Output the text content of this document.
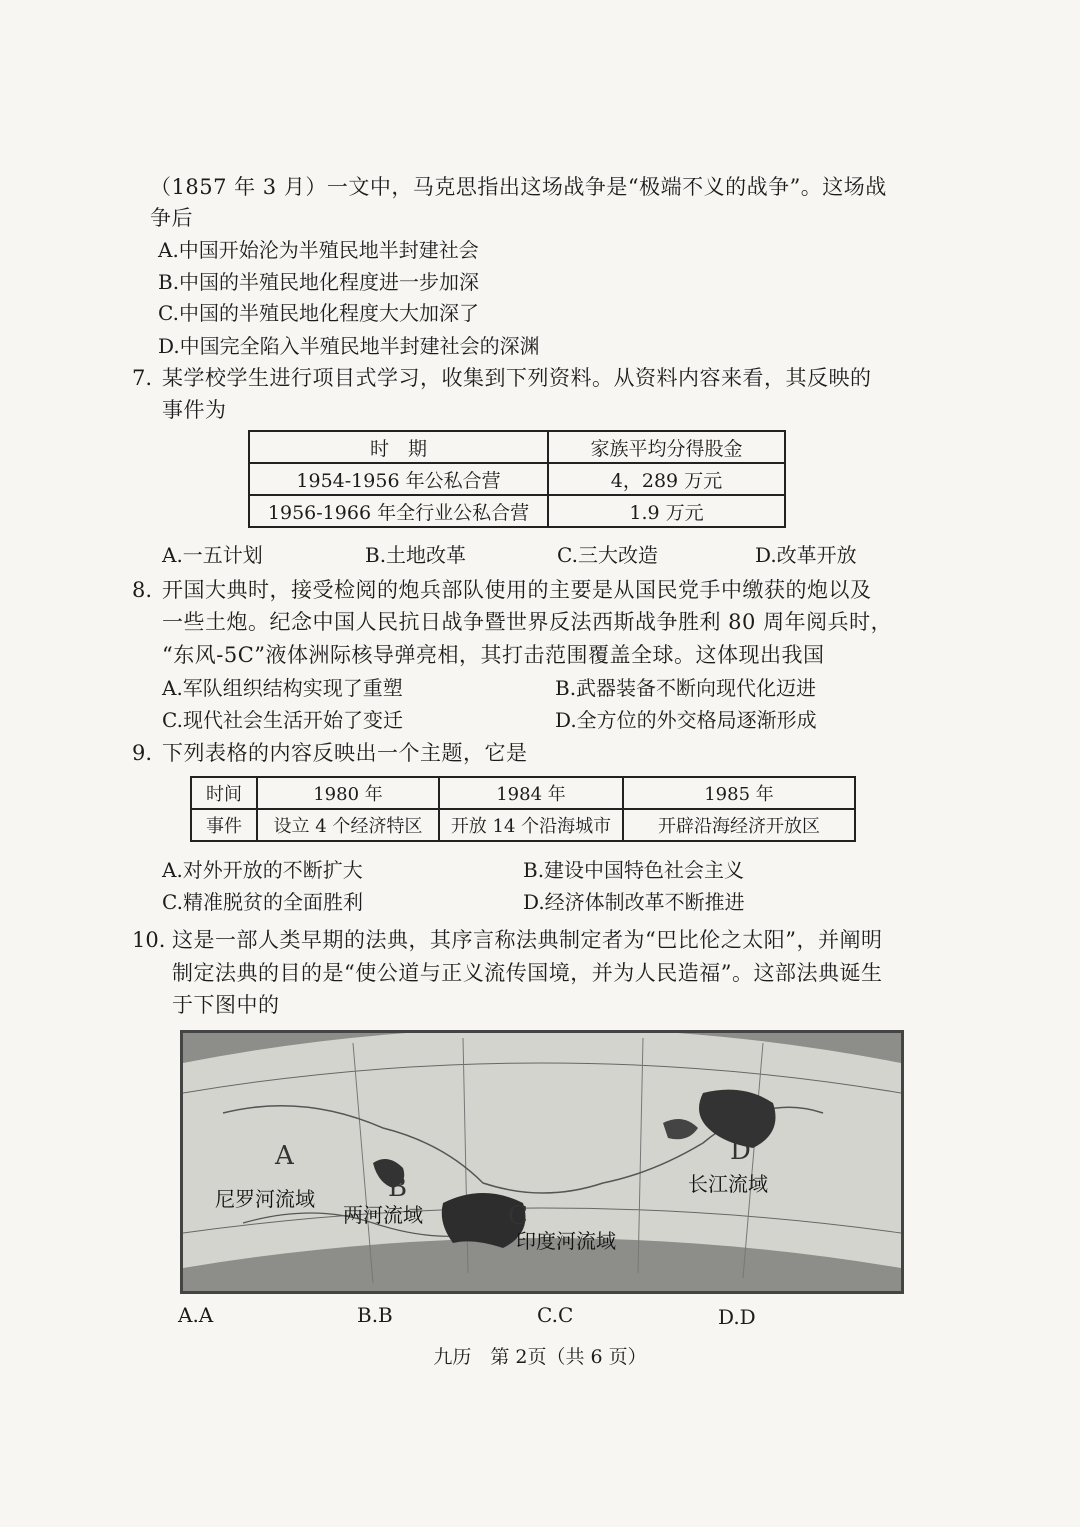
（1857 年 3 月）一文中，马克思指出这场战争是“极端不义的战争”。这场战
争后
A.中国开始沦为半殖民地半封建社会
B.中国的半殖民地化程度进一步加深
C.中国的半殖民地化程度大大加深了
D.中国完全陷入半殖民地半封建社会的深渊
7. 某学校学生进行项目式学习，收集到下列资料。从资料内容来看，其反映的
事件为
时　期	家族平均分得股金
1954-1956 年公私合营	4，289 万元
1956-1966 年全行业公私合营	1.9 万元
A.一五计划	B.土地改革	C.三大改造	D.改革开放
8. 开国大典时，接受检阅的炮兵部队使用的主要是从国民党手中缴获的炮以及
一些土炮。纪念中国人民抗日战争暨世界反法西斯战争胜利 80 周年阅兵时，
“东风-5C”液体洲际核导弹亮相，其打击范围覆盖全球。这体现出我国
A.军队组织结构实现了重塑	B.武器装备不断向现代化迈进
C.现代社会生活开始了变迁	D.全方位的外交格局逐渐形成
9. 下列表格的内容反映出一个主题，它是
时间	1980 年	1984 年	1985 年
事件	设立 4 个经济特区	开放 14 个沿海城市	开辟沿海经济开放区
A.对外开放的不断扩大	B.建设中国特色社会主义
C.精准脱贫的全面胜利	D.经济体制改革不断推进
10. 这是一部人类早期的法典，其序言称法典制定者为“巴比伦之太阳”，并阐明
制定法典的目的是“使公道与正义流传国境，并为人民造福”。这部法典诞生
于下图中的
A
尼罗河流域	B
两河流域	C
印度河流域
D
长江流域
A.A	B.B	C.C	D.D
九历　第 2页（共 6 页）
